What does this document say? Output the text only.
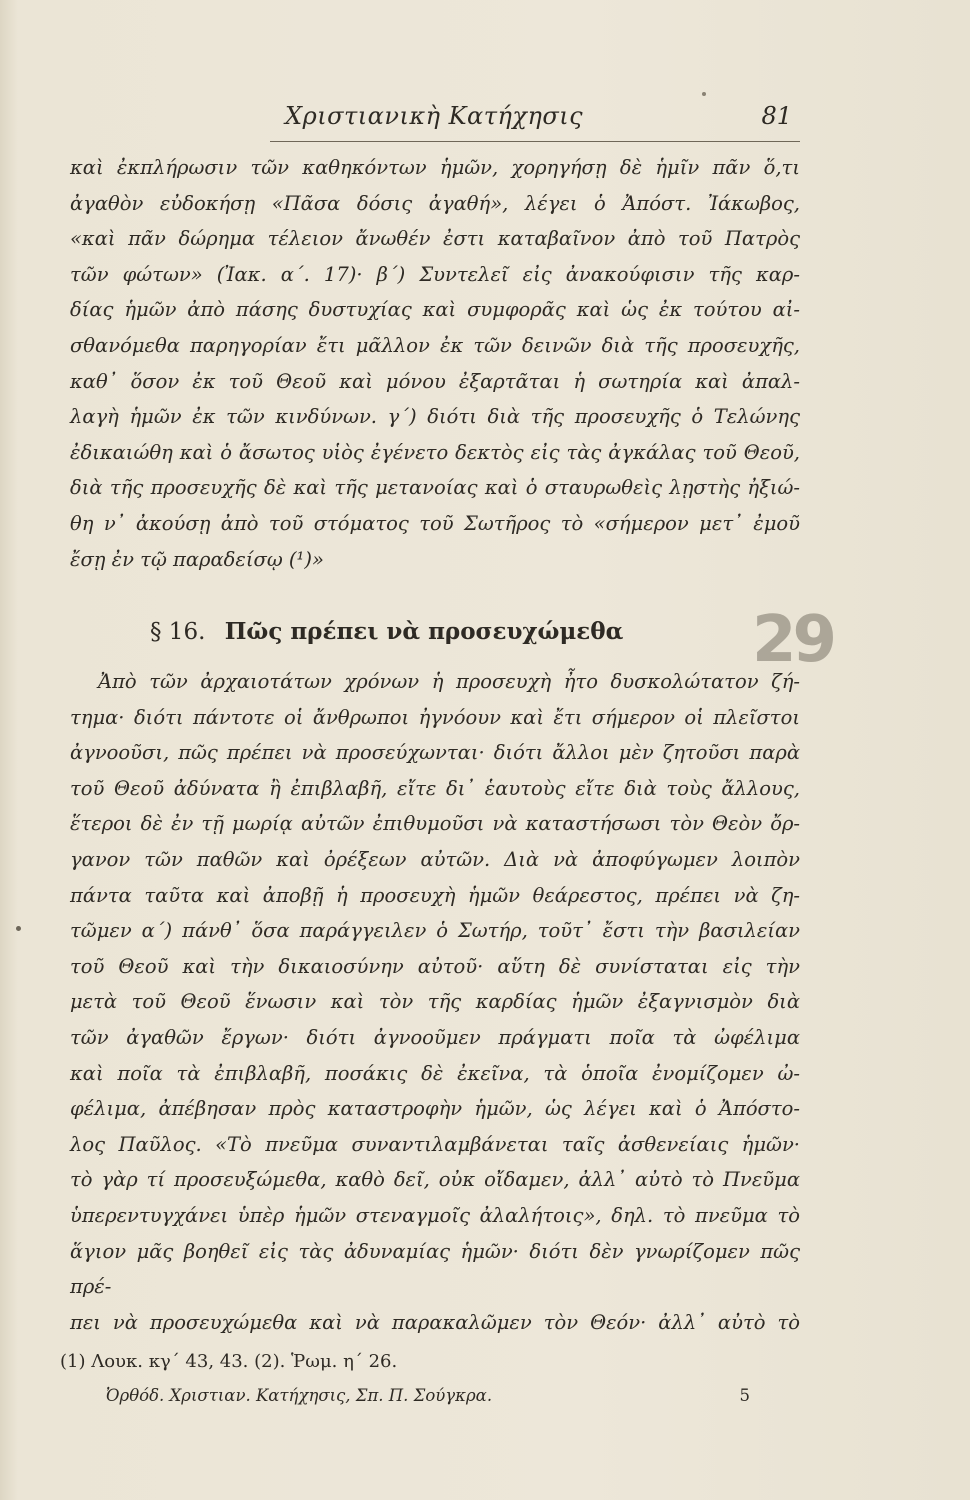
Χριστιανικὴ Κατήχησις	81

καὶ ἐκπλήρωσιν τῶν καθηκόντων ἡμῶν, χορηγήσῃ δὲ ἡμῖν πᾶν ὅ,τι

ἀγαθὸν εὐδοκήσῃ «Πᾶσα δόσις ἀγαθή», λέγει ὁ Ἀπόστ. Ἰάκωβος,

«καὶ πᾶν δώρημα τέλειον ἄνωθέν ἐστι καταβαῖνον ἀπὸ τοῦ Πατρὸς

τῶν φώτων» (Ἰακ. α΄. 17)· β΄) Συντελεῖ εἰς ἀνακούφισιν τῆς καρ-

δίας ἡμῶν ἀπὸ πάσης δυστυχίας καὶ συμφορᾶς καὶ ὡς ἐκ τούτου αἰ-

σθανόμεθα παρηγορίαν ἔτι μᾶλλον ἐκ τῶν δεινῶν διὰ τῆς προσευχῆς,

καθ᾽ ὅσον ἐκ τοῦ Θεοῦ καὶ μόνου ἐξαρτᾶται ἡ σωτηρία καὶ ἀπαλ-

λαγὴ ἡμῶν ἐκ τῶν κινδύνων. γ΄) διότι διὰ τῆς προσευχῆς ὁ Τελώνης

ἐδικαιώθη καὶ ὁ ἄσωτος υἱὸς ἐγένετο δεκτὸς εἰς τὰς ἀγκάλας τοῦ Θεοῦ,

διὰ τῆς προσευχῆς δὲ καὶ τῆς μετανοίας καὶ ὁ σταυρωθεὶς λῃστὴς ἠξιώ-

θη ν᾽ ἀκούσῃ ἀπὸ τοῦ στόματος τοῦ Σωτῆρος τὸ «σήμερον μετ᾽ ἐμοῦ

ἔσῃ ἐν τῷ παραδείσῳ (¹)»

§ 16. Πῶς πρέπει νὰ προσευχώμεθα	29

Ἀπὸ τῶν ἀρχαιοτάτων χρόνων ἡ προσευχὴ ἦτο δυσκολώτατον ζή-

τημα· διότι πάντοτε οἱ ἄνθρωποι ἠγνόουν καὶ ἔτι σήμερον οἱ πλεῖστοι

ἀγνοοῦσι, πῶς πρέπει νὰ προσεύχωνται· διότι ἄλλοι μὲν ζητοῦσι παρὰ

τοῦ Θεοῦ ἀδύνατα ἢ ἐπιβλαβῆ, εἴτε δι᾽ ἑαυτοὺς εἴτε διὰ τοὺς ἄλλους,

ἕτεροι δὲ ἐν τῇ μωρίᾳ αὐτῶν ἐπιθυμοῦσι νὰ καταστήσωσι τὸν Θεὸν ὄρ-

γανον τῶν παθῶν καὶ ὀρέξεων αὐτῶν. Διὰ νὰ ἀποφύγωμεν λοιπὸν

πάντα ταῦτα καὶ ἀποβῇ ἡ προσευχὴ ἡμῶν θεάρεστος, πρέπει νὰ ζη-

τῶμεν α΄) πάνθ᾽ ὅσα παράγγειλεν ὁ Σωτήρ, τοῦτ᾽ ἔστι τὴν βασιλείαν

τοῦ Θεοῦ καὶ τὴν δικαιοσύνην αὐτοῦ· αὕτη δὲ συνίσταται εἰς τὴν

μετὰ τοῦ Θεοῦ ἕνωσιν καὶ τὸν τῆς καρδίας ἡμῶν ἐξαγνισμὸν διὰ

τῶν ἀγαθῶν ἔργων· διότι ἀγνοοῦμεν πράγματι ποῖα τὰ ὠφέλιμα

καὶ ποῖα τὰ ἐπιβλαβῆ, ποσάκις δὲ ἐκεῖνα, τὰ ὁποῖα ἐνομίζομεν ὠ-

φέλιμα, ἀπέβησαν πρὸς καταστροφὴν ἡμῶν, ὡς λέγει καὶ ὁ Ἀπόστο-

λος Παῦλος. «Τὸ πνεῦμα συναντιλαμβάνεται ταῖς ἀσθενείαις ἡμῶν·

τὸ γὰρ τί προσευξώμεθα, καθὸ δεῖ, οὐκ οἴδαμεν, ἀλλ᾽ αὐτὸ τὸ Πνεῦμα

ὑπερεντυγχάνει ὑπὲρ ἡμῶν στεναγμοῖς ἀλαλήτοις», δηλ. τὸ πνεῦμα τὸ

ἅγιον μᾶς βοηθεῖ εἰς τὰς ἀδυναμίας ἡμῶν· διότι δὲν γνωρίζομεν πῶς πρέ-

πει νὰ προσευχώμεθα καὶ νὰ παρακαλῶμεν τὸν Θεόν· ἀλλ᾽ αὐτὸ τὸ

(1) Λουκ. κγ΄ 43, 43. (2). Ῥωμ. η΄ 26.
Ὀρθόδ. Χριστιαν. Κατήχησις, Σπ. Π. Σούγκρα.	5
